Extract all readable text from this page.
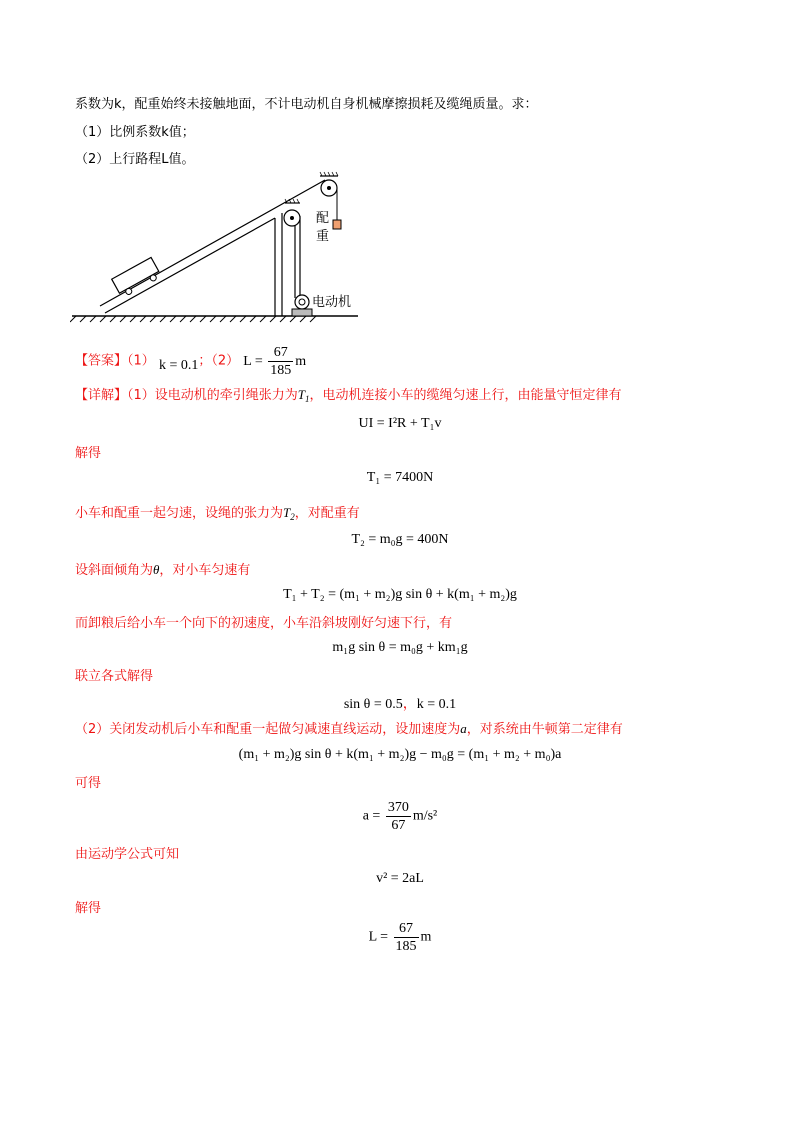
系数为k，配重始终未接触地面，不计电动机自身机械摩擦损耗及缆绳质量。求：
（1）比例系数k值；
（2）上行路程L值。
配
重
电动机
【答案】（1） k = 0.1；（2） $L = \frac{67}{185}$ m
【详解】（1）设电动机的牵引绳张力为$T_1$，电动机连接小车的缆绳匀速上行，由能量守恒定律有
UI = I²R + T₁v
解得
T₁ = 7400N
小车和配重一起匀速，设绳的张力为$T_2$，对配重有
T₂ = m₀g = 400N
设斜面倾角为θ，对小车匀速有
T₁ + T₂ = (m₁ + m₂)g sin θ + k(m₁ + m₂)g
而卸粮后给小车一个向下的初速度，小车沿斜坡刚好匀速下行，有
m₁g sin θ = m₀g + km₁g
联立各式解得
sin θ = 0.5，k = 0.1
（2）关闭发动机后小车和配重一起做匀减速直线运动，设加速度为a，对系统由牛顿第二定律有
(m₁ + m₂)g sin θ + k(m₁ + m₂)g − m₀g = (m₁ + m₂ + m₀)a
可得
$a = \frac{370}{67} m/s^2$
由运动学公式可知
v² = 2aL
解得
$L = \frac{67}{185}$ m
